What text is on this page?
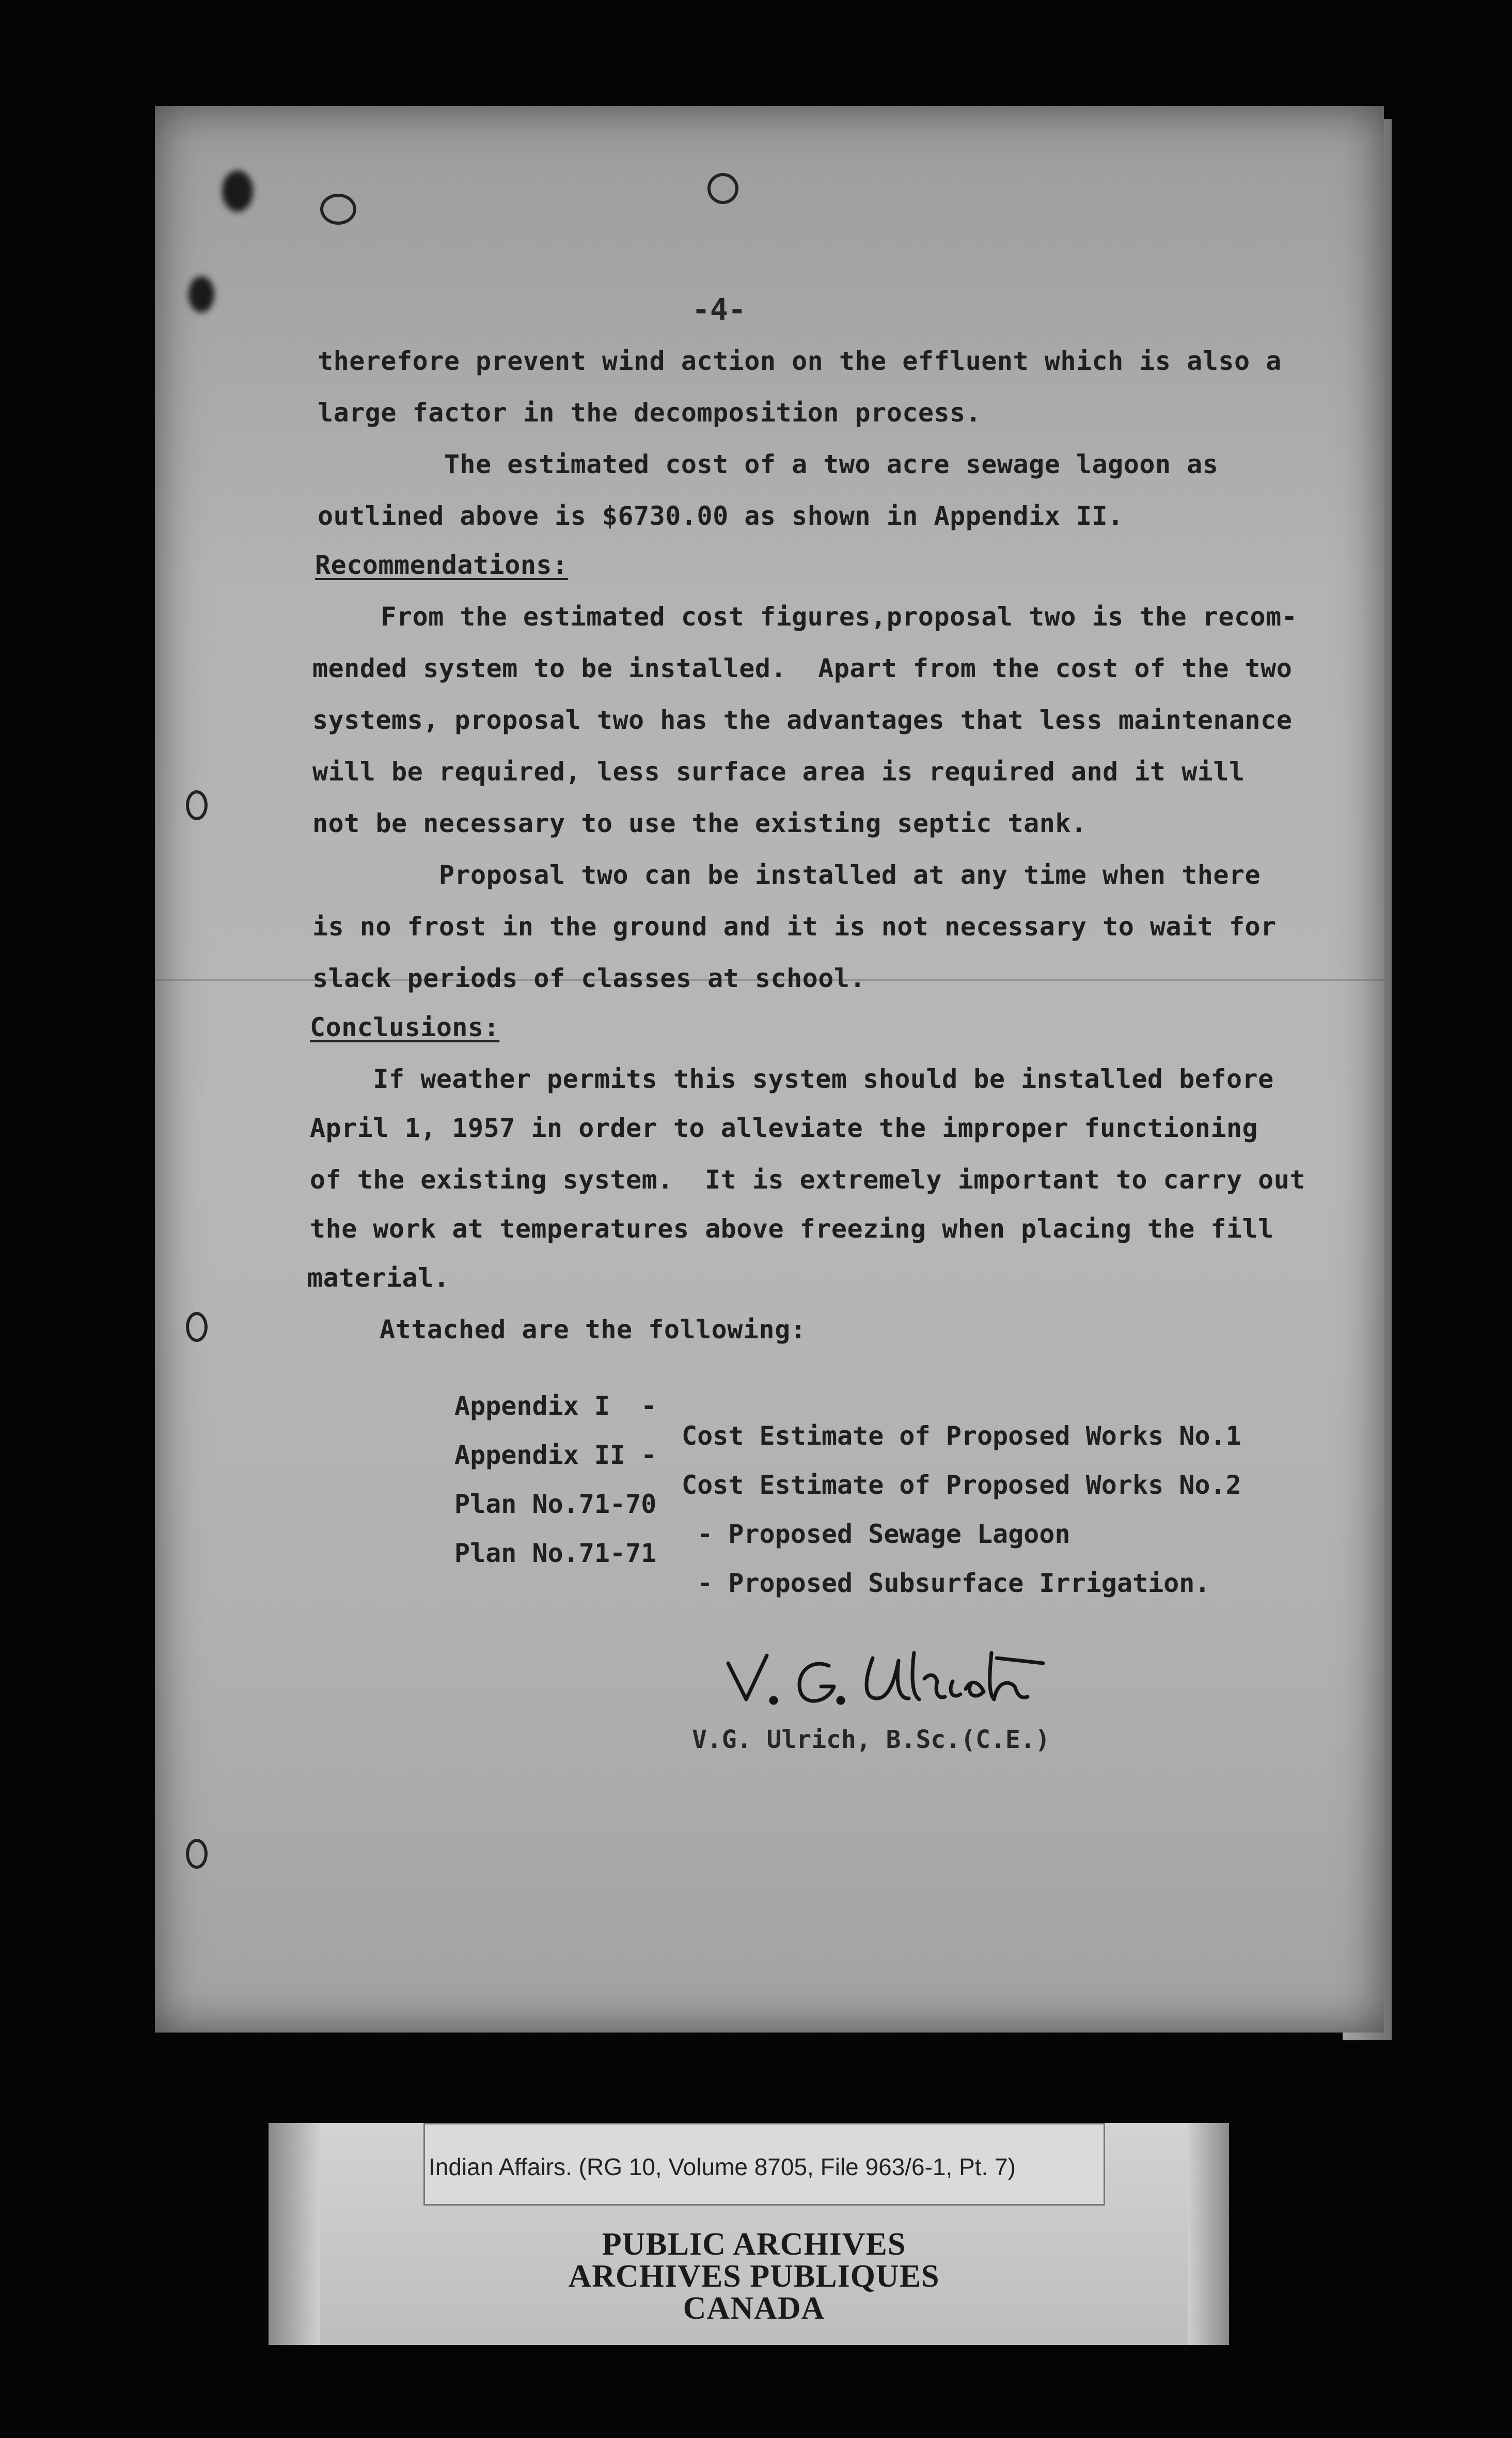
-4-
therefore prevent wind action on the effluent which is also a
large factor in the decomposition process.
The estimated cost of a two acre sewage lagoon as
outlined above is $6730.00 as shown in Appendix II.
Recommendations:
From the estimated cost figures,proposal two is the recom-
mended system to be installed.  Apart from the cost of the two
systems, proposal two has the advantages that less maintenance
will be required, less surface area is required and it will
not be necessary to use the existing septic tank.
Proposal two can be installed at any time when there
is no frost in the ground and it is not necessary to wait for
slack periods of classes at school.
Conclusions:
If weather permits this system should be installed before
April 1, 1957 in order to alleviate the improper functioning
of the existing system.  It is extremely important to carry out
the work at temperatures above freezing when placing the fill
material.
Attached are the following:

Appendix I  -

Cost Estimate of Proposed Works No.1

Appendix II -

Cost Estimate of Proposed Works No.2

Plan No.71-70

- Proposed Sewage Lagoon

Plan No.71-71

- Proposed Subsurface Irrigation.

V.G. Ulrich, B.Sc.(C.E.)
Indian Affairs. (RG 10, Volume 8705, File 963/6-1, Pt. 7)
PUBLIC ARCHIVES
ARCHIVES PUBLIQUES
CANADA
